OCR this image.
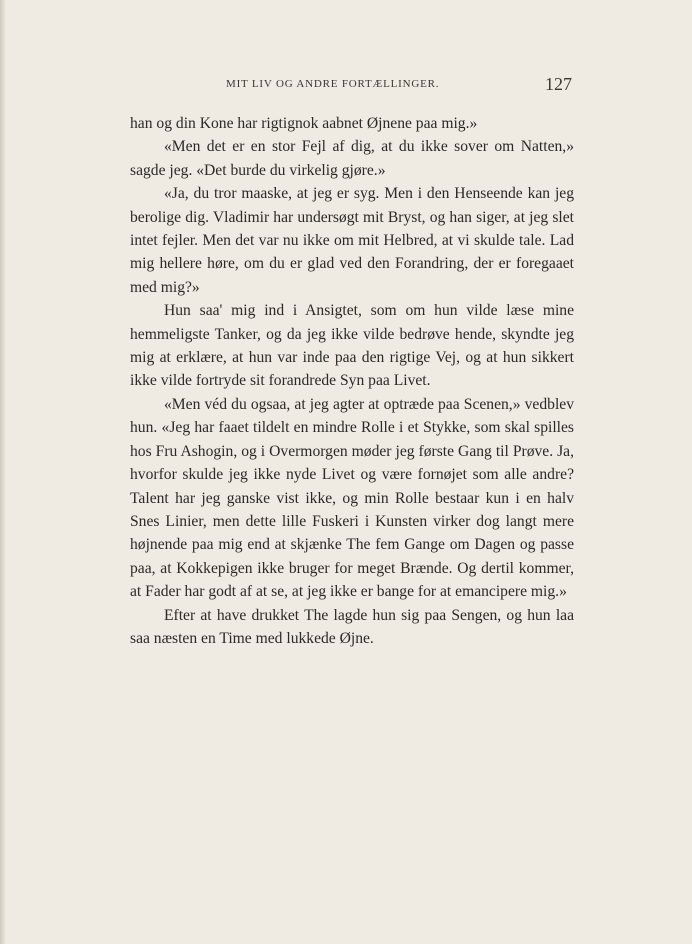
MIT LIV OG ANDRE FORTÆLLINGER.	127

han og din Kone har rigtignok aabnet Øjnene paa mig.»

«Men det er en stor Fejl af dig, at du ikke sover om Natten,» sagde jeg. «Det burde du virkelig gjøre.»

«Ja, du tror maaske, at jeg er syg. Men i den Henseende kan jeg berolige dig. Vladimir har undersøgt mit Bryst, og han siger, at jeg slet intet fejler. Men det var nu ikke om mit Helbred, at vi skulde tale. Lad mig hellere høre, om du er glad ved den Forandring, der er foregaaet med mig?»

Hun saa' mig ind i Ansigtet, som om hun vilde læse mine hemmeligste Tanker, og da jeg ikke vilde bedrøve hende, skyndte jeg mig at erklære, at hun var inde paa den rigtige Vej, og at hun sikkert ikke vilde fortryde sit forandrede Syn paa Livet.

«Men véd du ogsaa, at jeg agter at optræde paa Scenen,» vedblev hun. «Jeg har faaet tildelt en mindre Rolle i et Stykke, som skal spilles hos Fru Ashogin, og i Overmorgen møder jeg første Gang til Prøve. Ja, hvorfor skulde jeg ikke nyde Livet og være fornøjet som alle andre? Talent har jeg ganske vist ikke, og min Rolle bestaar kun i en halv Snes Linier, men dette lille Fuskeri i Kunsten virker dog langt mere højnende paa mig end at skjænke The fem Gange om Dagen og passe paa, at Kokkepigen ikke bruger for meget Brænde. Og dertil kommer, at Fader har godt af at se, at jeg ikke er bange for at emancipere mig.»

Efter at have drukket The lagde hun sig paa Sengen, og hun laa saa næsten en Time med lukkede Øjne.
